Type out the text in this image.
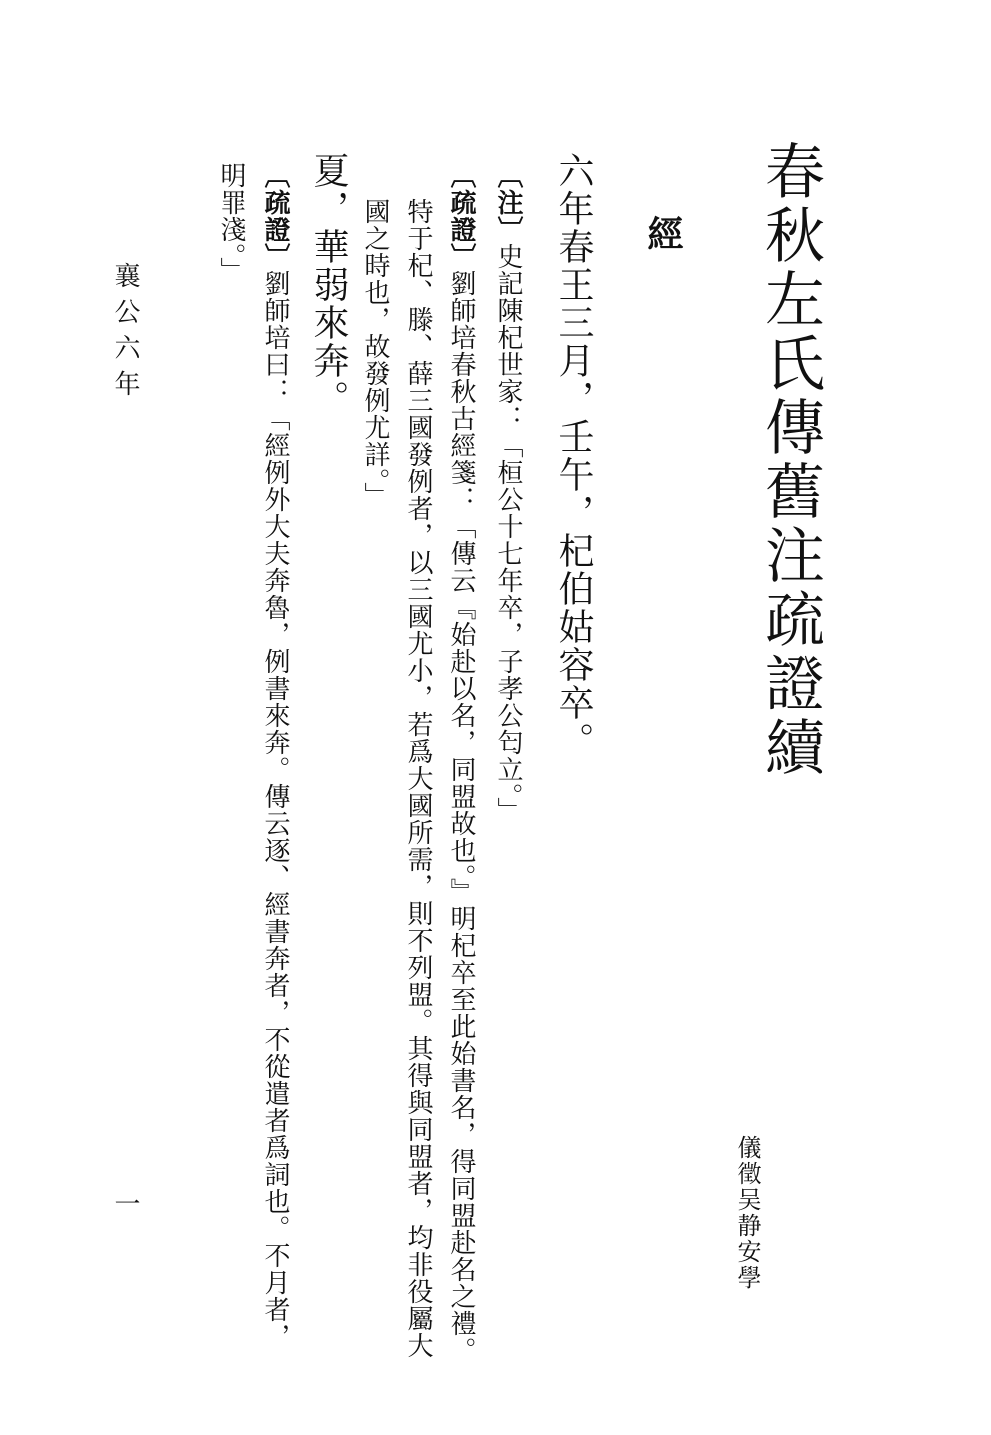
春秋左氏傳舊注疏證續
儀徵吴静安學
經
六年春王三月，壬午，杞伯姑容卒。
〔注〕史記陳杞世家：「桓公十七年卒，子孝公匄立。」
〔疏證〕劉師培春秋古經箋：「傳云『始赴以名，同盟故也。』明杞卒至此始書名，得同盟赴名之禮。
特于杞、滕、薛三國發例者，以三國尤小，若爲大國所需，則不列盟。其得與同盟者，均非役屬大
國之時也，故發例尤詳。」
夏，華弱來奔。
〔疏證〕劉師培曰：「經例外大夫奔魯，例書來奔。傳云逐、經書奔者，不從遣者爲詞也。不月者，
明罪淺。」
襄公六年
一
